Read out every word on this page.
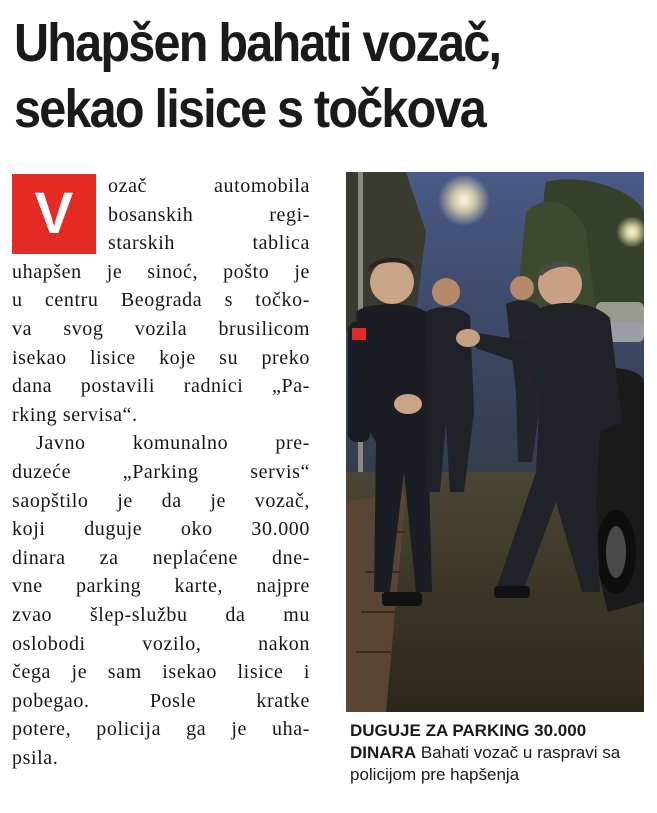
Uhapšen bahati vozač,
sekao lisice s točkova
V	ozač automobila
bosanskih regi-
starskih tablica
uhapšen je sinoć, pošto je
u centru Beograda s točko-
va svog vozila brusilicom
isekao lisice koje su preko
dana postavili radnici „Pa-
rking servisa“.

Javno komunalno pre-
duzeće „Parking servis“
saopštilo je da je vozač,
koji duguje oko 30.000
dinara za neplaćene dne-
vne parking karte, najpre
zvao šlep-službu da mu
oslobodi vozilo, nakon
čega je sam isekao lisice i
pobegao. Posle kratke
potere, policija ga je uha-
psila.

DUGUJE ZA PARKING 30.000 DINARA Bahati vozač u raspravi sa policijom pre hapšenja
